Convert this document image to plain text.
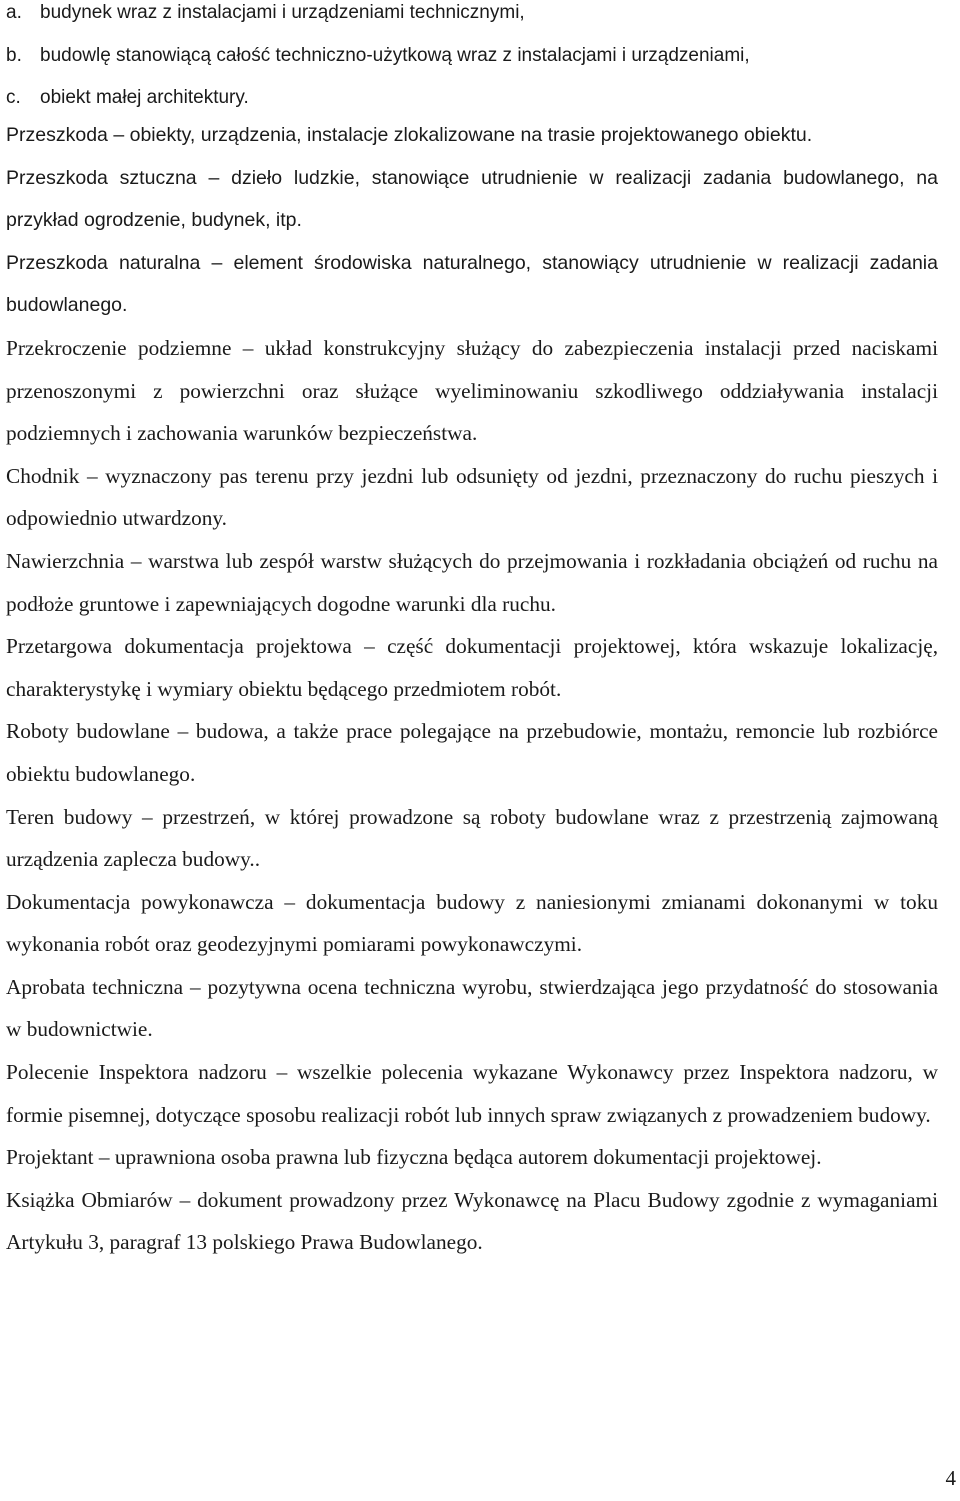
a. budynek wraz z instalacjami i urządzeniami technicznymi,
b. budowlę stanowiącą całość techniczno-użytkową wraz z instalacjami i urządzeniami,
c.	obiekt małej architektury.

Przeszkoda – obiekty, urządzenia, instalacje zlokalizowane na trasie projektowanego obiektu.

Przeszkoda sztuczna – dzieło ludzkie, stanowiące utrudnienie w realizacji zadania budowlanego, na przykład ogrodzenie, budynek, itp.

Przeszkoda naturalna – element środowiska naturalnego, stanowiący utrudnienie w realizacji zadania budowlanego.

Przekroczenie podziemne – układ konstrukcyjny służący do zabezpieczenia instalacji przed naciskami przenoszonymi z powierzchni oraz służące wyeliminowaniu szkodliwego oddziaływania instalacji podziemnych i zachowania warunków bezpieczeństwa.

Chodnik – wyznaczony pas terenu przy jezdni lub odsunięty od jezdni, przeznaczony do ruchu pieszych i odpowiednio utwardzony.

Nawierzchnia – warstwa lub zespół warstw służących do przejmowania i rozkładania obciążeń od ruchu na podłoże gruntowe i zapewniających dogodne warunki dla ruchu.

Przetargowa dokumentacja projektowa – część dokumentacji projektowej, która wskazuje lokalizację, charakterystykę i wymiary obiektu będącego przedmiotem robót.

Roboty budowlane – budowa, a także prace polegające na przebudowie, montażu, remoncie lub rozbiórce obiektu budowlanego.

Teren budowy – przestrzeń, w której prowadzone są roboty budowlane wraz z przestrzenią zajmowaną urządzenia zaplecza budowy..

Dokumentacja powykonawcza – dokumentacja budowy z naniesionymi zmianami dokonanymi w toku wykonania robót oraz geodezyjnymi pomiarami powykonawczymi.

Aprobata techniczna – pozytywna ocena techniczna wyrobu, stwierdzająca jego przydatność do stosowania w budownictwie.

Polecenie Inspektora nadzoru – wszelkie polecenia wykazane Wykonawcy przez Inspektora nadzoru, w formie pisemnej, dotyczące sposobu realizacji robót lub innych spraw związanych z prowadzeniem budowy.

Projektant – uprawniona osoba prawna lub fizyczna będąca autorem dokumentacji projektowej.

Książka Obmiarów – dokument prowadzony przez Wykonawcę na Placu Budowy zgodnie z wymaganiami Artykułu 3, paragraf 13 polskiego Prawa Budowlanego.

4
